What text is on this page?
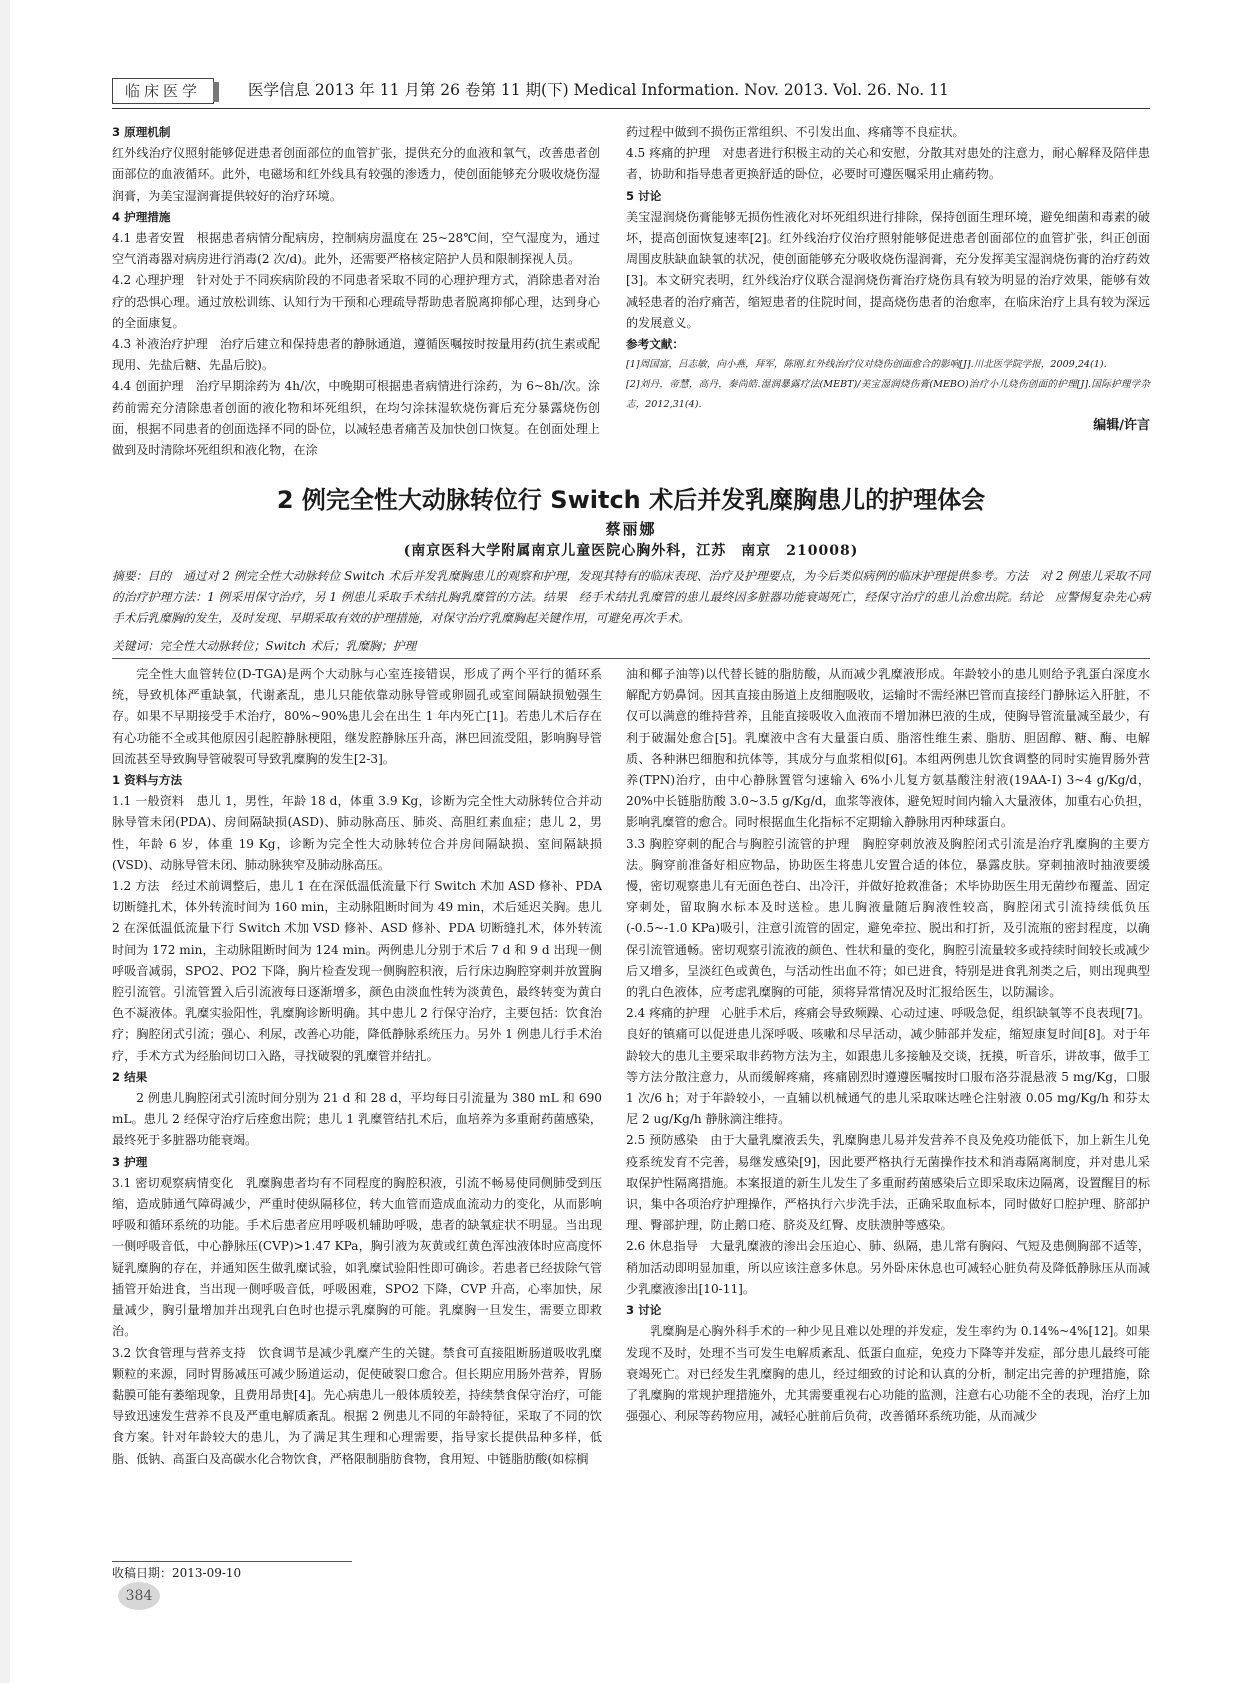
临床医学	医学信息 2013 年 11 月第 26 卷第 11 期(下) Medical Information. Nov. 2013. Vol. 26. No. 11

3 原理机制

红外线治疗仪照射能够促进患者创面部位的血管扩张，提供充分的血液和氧气，改善患者创面部位的血液循环。此外，电磁场和红外线具有较强的渗透力，使创面能够充分吸收烧伤湿润膏，为美宝湿润膏提供较好的治疗环境。

4 护理措施

4.1 患者安置　根据患者病情分配病房，控制病房温度在 25~28℃间，空气湿度为，通过空气消毒器对病房进行消毒(2 次/d)。此外，还需要严格核定陪护人员和限制探视人员。

4.2 心理护理　针对处于不同疾病阶段的不同患者采取不同的心理护理方式，消除患者对治疗的恐惧心理。通过放松训练、认知行为干预和心理疏导帮助患者脱离抑郁心理，达到身心的全面康复。

4.3 补液治疗护理　治疗后建立和保持患者的静脉通道，遵循医嘱按时按量用药(抗生素或配现用、先盐后糖、先晶后胶)。

4.4 创面护理　治疗早期涂药为 4h/次，中晚期可根据患者病情进行涂药，为 6~8h/次。涂药前需充分清除患者创面的液化物和坏死组织，在均匀涂抹湿软烧伤膏后充分暴露烧伤创面，根据不同患者的创面选择不同的卧位，以减轻患者痛苦及加快创口恢复。在创面处理上做到及时清除坏死组织和液化物，在涂

药过程中做到不损伤正常组织、不引发出血、疼痛等不良症状。

4.5 疼痛的护理　对患者进行积极主动的关心和安慰，分散其对患处的注意力，耐心解释及陪伴患者，协助和指导患者更换舒适的卧位，必要时可遵医嘱采用止痛药物。

5 讨论

美宝湿润烧伤膏能够无损伤性液化对坏死组织进行排除，保持创面生理环境，避免细菌和毒素的破坏，提高创面恢复速率[2]。红外线治疗仪治疗照射能够促进患者创面部位的血管扩张，纠正创面周围皮肤缺血缺氧的状况，使创面能够充分吸收烧伤湿润膏，充分发挥美宝湿润烧伤膏的治疗药效[3]。本文研究表明，红外线治疗仪联合湿润烧伤膏治疗烧伤具有较为明显的治疗效果，能够有效减轻患者的治疗痛苦，缩短患者的住院时间，提高烧伤患者的治愈率，在临床治疗上具有较为深远的发展意义。

参考文献：

[1]周国富，吕志敏，向小燕，拜军，陈刚.红外线治疗仪对烧伤创面愈合的影响[J].川北医学院学报，2009,24(1).

[2]刘丹，帝慧，高丹，秦尚皓.湿润暴露疗法(MEBT)/美宝湿润烧伤膏(MEBO)治疗小儿烧伤创面的护理[J].国际护理学杂志，2012,31(4).

编辑/许言

2 例完全性大动脉转位行 Switch 术后并发乳糜胸患儿的护理体会
蔡丽娜
(南京医科大学附属南京儿童医院心胸外科，江苏　南京　210008)
摘要：目的　通过对 2 例完全性大动脉转位 Switch 术后并发乳糜胸患儿的观察和护理，发现其特有的临床表现、治疗及护理要点，为今后类似病例的临床护理提供参考。方法　对 2 例患儿采取不同的治疗护理方法：1 例采用保守治疗，另 1 例患儿采取手术结扎胸乳糜管的方法。结果　经手术结扎乳糜管的患儿最终因多脏器功能衰竭死亡，经保守治疗的患儿治愈出院。结论　应警惕复杂先心病手术后乳糜胸的发生，及时发现、早期采取有效的护理措施，对保守治疗乳糜胸起关键作用，可避免再次手术。
关键词：完全性大动脉转位；Switch 术后；乳糜胸；护理

完全性大血管转位(D-TGA)是两个大动脉与心室连接错误，形成了两个平行的循环系统，导致机体严重缺氧，代谢紊乱，患儿只能依靠动脉导管或卵圆孔或室间隔缺损勉强生存。如果不早期接受手术治疗，80%~90%患儿会在出生 1 年内死亡[1]。若患儿术后存在有心功能不全或其他原因引起腔静脉梗阻，继发腔静脉压升高，淋巴回流受阻，影响胸导管回流甚至导致胸导管破裂可导致乳糜胸的发生[2-3]。

1 资料与方法

1.1 一般资料　患儿 1，男性，年龄 18 d，体重 3.9 Kg，诊断为完全性大动脉转位合并动脉导管未闭(PDA)、房间隔缺损(ASD)、肺动脉高压、肺炎、高胆红素血症；患儿 2，男性，年龄 6 岁，体重 19 Kg，诊断为完全性大动脉转位合并房间隔缺损、室间隔缺损(VSD)、动脉导管未闭、肺动脉狭窄及肺动脉高压。

1.2 方法　经过术前调整后，患儿 1 在在深低温低流量下行 Switch 术加 ASD 修补、PDA 切断缝扎术，体外转流时间为 160 min，主动脉阻断时间为 49 min，术后延迟关胸。患儿 2 在深低温低流量下行 Switch 术加 VSD 修补、ASD 修补、PDA 切断缝扎术，体外转流时间为 172 min，主动脉阻断时间为 124 min。两例患儿分别于术后 7 d 和 9 d 出现一侧呼吸音减弱，SPO2、PO2 下降，胸片检查发现一侧胸腔积液，后行床边胸腔穿刺并放置胸腔引流管。引流管置入后引流液每日逐渐增多，颜色由淡血性转为淡黄色，最终转变为黄白色不凝液体。乳糜实验阳性，乳糜胸诊断明确。其中患儿 2 行保守治疗，主要包括：饮食治疗；胸腔闭式引流；强心、利尿，改善心功能，降低静脉系统压力。另外 1 例患儿行手术治疗，手术方式为经胎间切口入路，寻找破裂的乳糜管并结扎。

2 结果

2 例患儿胸腔闭式引流时间分别为 21 d 和 28 d，平均每日引流量为 380 mL 和 690 mL。患儿 2 经保守治疗后痊愈出院；患儿 1 乳糜管结扎术后，血培养为多重耐药菌感染，最终死于多脏器功能衰竭。

3 护理

3.1 密切观察病情变化　乳糜胸患者均有不同程度的胸腔积液，引流不畅易使同侧肺受到压缩，造成肺通气障碍减少，严重时使纵隔移位，转大血管而造成血流动力的变化，从而影响呼吸和循环系统的功能。手术后患者应用呼吸机辅助呼吸，患者的缺氧症状不明显。当出现一侧呼吸音低，中心静脉压(CVP)>1.47 KPa，胸引液为灰黄或红黄色浑浊液体时应高度怀疑乳糜胸的存在，并通知医生做乳糜试验，如乳糜试验阳性即可确诊。若患者已经拔除气管插管开始进食，当出现一侧呼吸音低，呼吸困难，SPO2 下降，CVP 升高，心率加快，尿量减少，胸引量增加并出现乳白色时也提示乳糜胸的可能。乳糜胸一旦发生，需要立即救治。

3.2 饮食管理与营养支持　饮食调节是减少乳糜产生的关键。禁食可直接阻断肠道吸收乳糜颗粒的来源，同时胃肠减压可减少肠道运动，促使破裂口愈合。但长期应用肠外营养，胃肠黏膜可能有萎缩现象，且费用昂贵[4]。先心病患儿一般体质较差，持续禁食保守治疗，可能导致迅速发生营养不良及严重电解质紊乱。根据 2 例患儿不同的年龄特征，采取了不同的饮食方案。针对年龄较大的患儿，为了满足其生理和心理需要，指导家长提供品种多样，低脂、低钠、高蛋白及高碳水化合物饮食，严格限制脂肪食物，食用短、中链脂肪酸(如棕榈

油和椰子油等)以代替长链的脂肪酸，从而减少乳糜液形成。年龄较小的患儿则给予乳蛋白深度水解配方奶鼻饲。因其直接由肠道上皮细胞吸收，运输时不需经淋巴管而直接经门静脉运入肝脏，不仅可以满意的维持营养，且能直接吸收入血液而不增加淋巴液的生成，使胸导管流量减至最少，有利于破漏处愈合[5]。乳糜液中含有大量蛋白质、脂溶性维生素、脂肪、胆固醇、糖、酶、电解质、各种淋巴细胞和抗体等，其成分与血浆相似[6]。本组两例患儿饮食调整的同时实施胃肠外营养(TPN)治疗，由中心静脉置管匀速输入 6%小儿复方氨基酸注射液(19AA-Ⅰ) 3~4 g/Kg/d，20%中长链脂肪酸 3.0~3.5 g/Kg/d，血浆等液体，避免短时间内输入大量液体，加重右心负担，影响乳糜管的愈合。同时根据血生化指标不定期输入静脉用丙种球蛋白。

3.3 胸腔穿刺的配合与胸腔引流管的护理　胸腔穿刺放液及胸腔闭式引流是治疗乳糜胸的主要方法。胸穿前准备好相应物品，协助医生将患儿安置合适的体位，暴露皮肤。穿刺抽液时抽液要缓慢，密切观察患儿有无面色苍白、出冷汗，并做好抢救准备；术毕协助医生用无菌纱布覆盖、固定穿刺处，留取胸水标本及时送检。患儿胸液量随后胸液性较高，胸腔闭式引流持续低负压(-0.5~-1.0 KPa)吸引，注意引流管的固定，避免牵拉、脱出和打折，及引流瓶的密封程度，以确保引流管通畅。密切观察引流液的颜色、性状和量的变化，胸腔引流量较多或持续时间较长或减少后又增多，呈淡红色或黄色，与活动性出血不符；如已进食，特别是进食乳剂类之后，则出现典型的乳白色液体，应考虑乳糜胸的可能，须将异常情况及时汇报给医生，以防漏诊。

2.4 疼痛的护理　心脏手术后，疼痛会导致频躁、心动过速、呼吸急促，组织缺氧等不良表现[7]。良好的镇痛可以促进患儿深呼吸、咳嗽和尽早活动，减少肺部并发症，缩短康复时间[8]。对于年龄较大的患儿主要采取非药物方法为主，如跟患儿多接触及交谈，抚摸，听音乐，讲故事，做手工等方法分散注意力，从而缓解疼痛，疼痛剧烈时遵遵医嘱按时口服布洛芬混悬液 5 mg/Kg，口服 1 次/6 h；对于年龄较小，一直辅以机械通气的患儿采取咪达唑仑注射液 0.05 mg/Kg/h 和芬太尼 2 ug/Kg/h 静脉滴注维持。

2.5 预防感染　由于大量乳糜液丢失，乳糜胸患儿易并发营养不良及免疫功能低下，加上新生儿免疫系统发育不完善，易继发感染[9]，因此要严格执行无菌操作技术和消毒隔离制度，并对患儿采取保护性隔离措施。本案报道的新生儿发生了多重耐药菌感染后立即采取床边隔离，设置醒目的标识，集中各项治疗护理操作，严格执行六步洗手法，正确采取血标本，同时做好口腔护理、脐部护理、臀部护理，防止鹅口疮、脐炎及红臀、皮肤溃肿等感染。

2.6 休息指导　大量乳糜液的渗出会压迫心、肺、纵隔，患儿常有胸闷、气短及患侧胸部不适等，稍加活动即明显加重，所以应该注意多休息。另外卧床休息也可减轻心脏负荷及降低静脉压从而减少乳糜液渗出[10-11]。

3 讨论

乳糜胸是心胸外科手术的一种少见且难以处理的并发症，发生率约为 0.14%~4%[12]。如果发现不及时，处理不当可发生电解质紊乱、低蛋白血症，免疫力下降等并发症，部分患儿最终可能衰竭死亡。对已经发生乳糜胸的患儿，经过细致的讨论和认真的分析，制定出完善的护理措施，除了乳糜胸的常规护理措施外，尤其需要重视右心功能的监测，注意右心功能不全的表现，治疗上加强强心、利尿等药物应用，减轻心脏前后负荷，改善循环系统功能，从而减少

收稿日期：2013-09-10
384
